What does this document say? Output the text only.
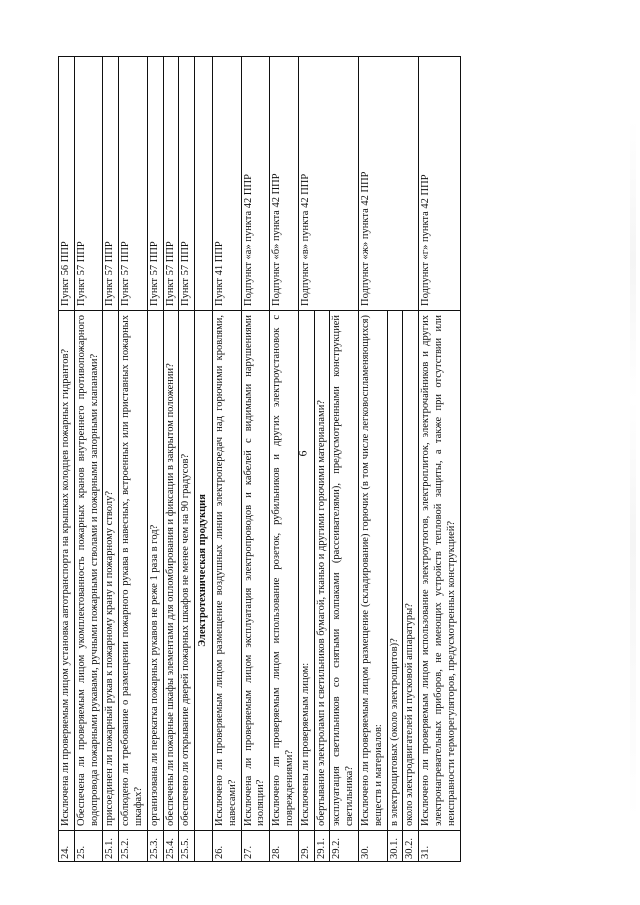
6
24.	Исключена ли проверяемым лицом установка автотранспорта на крышках колодцев пожарных гидрантов?	Пункт 56 ППР
25.	Обеспечена ли проверяемым лицом укомплектованность пожарных кранов внутреннего противопожарного водопровода пожарными рукавами, ручными пожарными стволами и пожарными запорными клапанами?	Пункт 57 ППР
25.1.	присоединен ли пожарный рукав к пожарному крану и пожарному стволу?	Пункт 57 ППР
25.2.	соблюдено ли требование о размещении пожарного рукава в навесных, встроенных или приставных пожарных шкафах?	Пункт 57 ППР
25.3.	организована ли перекатка пожарных рукавов не реже 1 раза в год?	Пункт 57 ППР
25.4.	обеспечены ли пожарные шкафы элементами для опломбирования и фиксации в закрытом положении?	Пункт 57 ППР
25.5.	обеспечено ли открывание дверей пожарных шкафов не менее чем на 90 градусов?	Пункт 57 ППР
	Электротехническая продукция	
26.	Исключено ли проверяемым лицом размещение воздушных линии электропередач над горючими кровлями, навесами?	Пункт 41 ППР
27.	Исключена ли проверяемым лицом эксплуатация электропроводов и кабелей с видимыми нарушениями изоляции?	Подпункт «а» пункта 42 ППР
28.	Исключено ли проверяемым лицом использование розеток, рубильников и других электроустановок с повреждениями?	Подпункт «б» пункта 42 ППР
29.	Исключены ли проверяемым лицом:	Подпункт «в» пункта 42 ППР
29.1.	обертывание электроламп и светильников бумагой, тканью и другими горючими материалами?	
29.2.	эксплуатация светильников со снятыми колпаками (рассеивателями), предусмотренными конструкцией светильника?	
30.	Исключено ли проверяемым лицом размещение (складирование) горючих (в том числе легковоспламеняющихся) веществ и материалов:	Подпункт «ж» пункта 42 ППР
30.1.	в электрощитовых (около электрощитов)?	
30.2.	около электродвигателей и пусковой аппаратуры?	
31.	Исключено ли проверяемым лицом использование электроутюгов, электроплиток, электрочайников и других электронагревательных приборов, не имеющих устройств тепловой защиты, а также при отсутствии или неисправности терморегуляторов, предусмотренных конструкцией?	Подпункт «г» пункта 42 ППР
